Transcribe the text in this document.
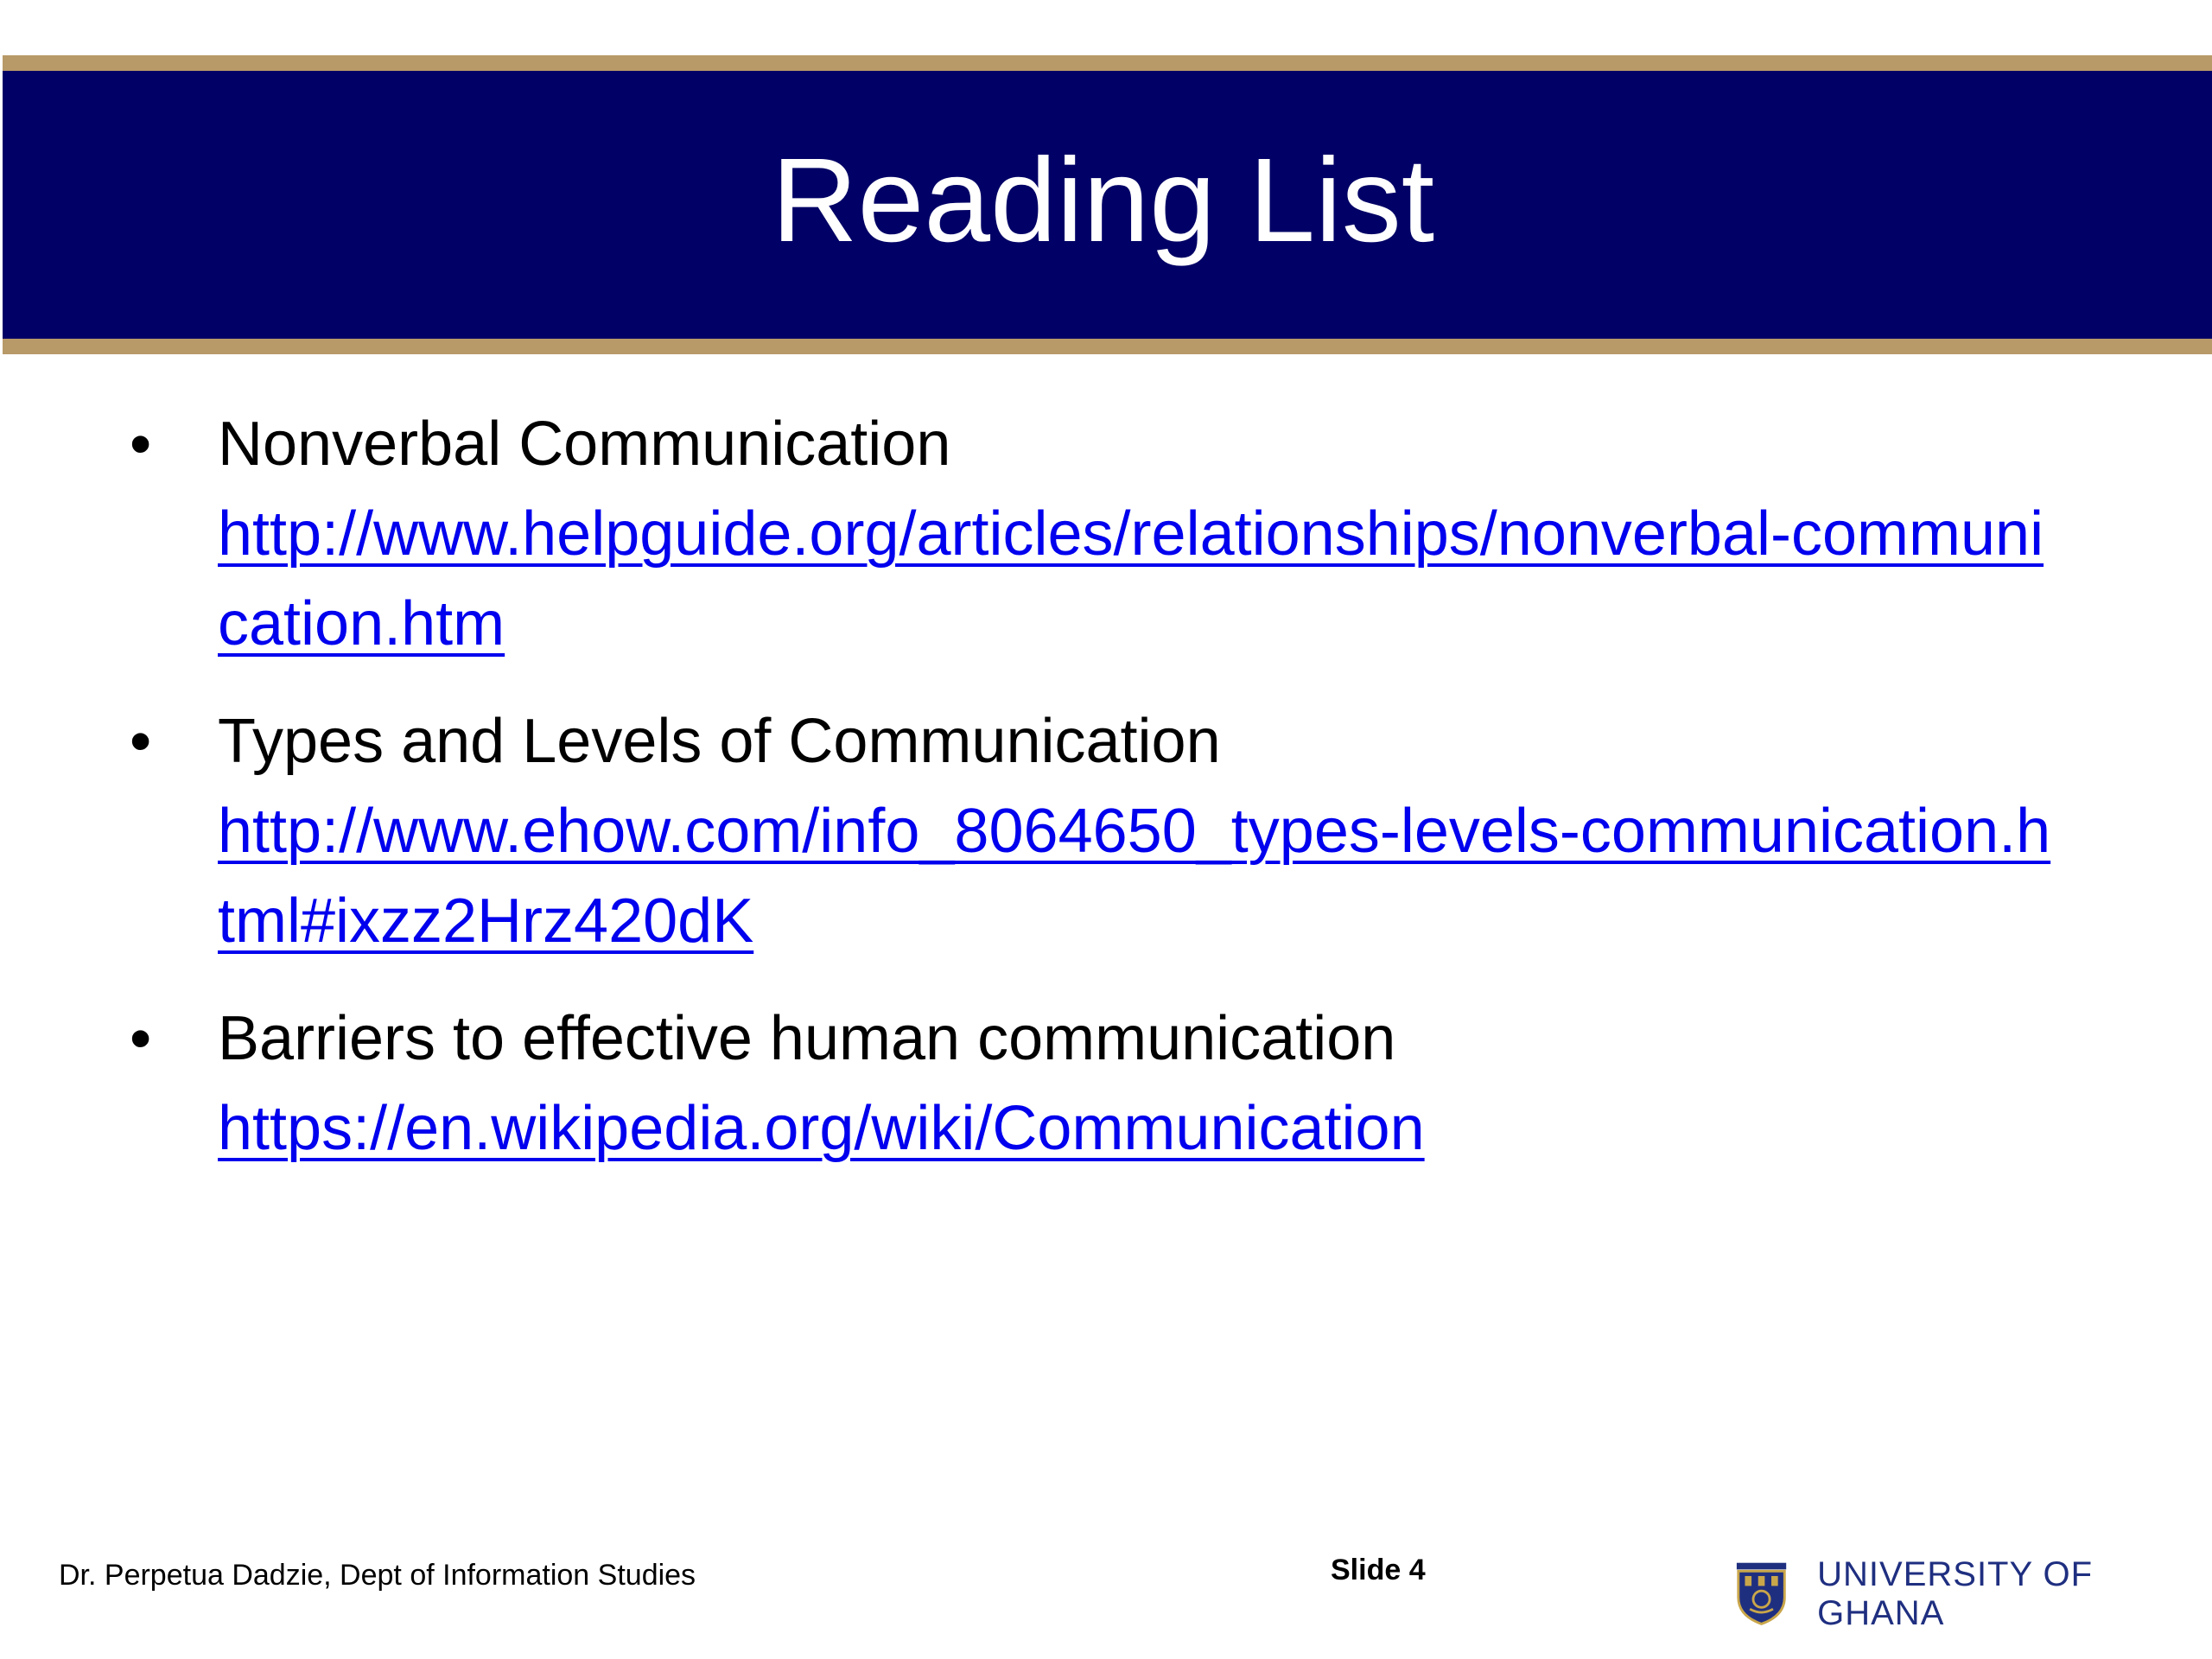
Reading List
• Nonverbal Communication
http://www.helpguide.org/articles/relationships/nonverbal-communication.htm
• Types and Levels of Communication
http://www.ehow.com/info_8064650_types-levels-communication.html#ixzz2Hrz420dK
• Barriers to effective human communication
https://en.wikipedia.org/wiki/Communication
Dr. Perpetua Dadzie, Dept of Information Studies	Slide 4	UNIVERSITY OF GHANA
